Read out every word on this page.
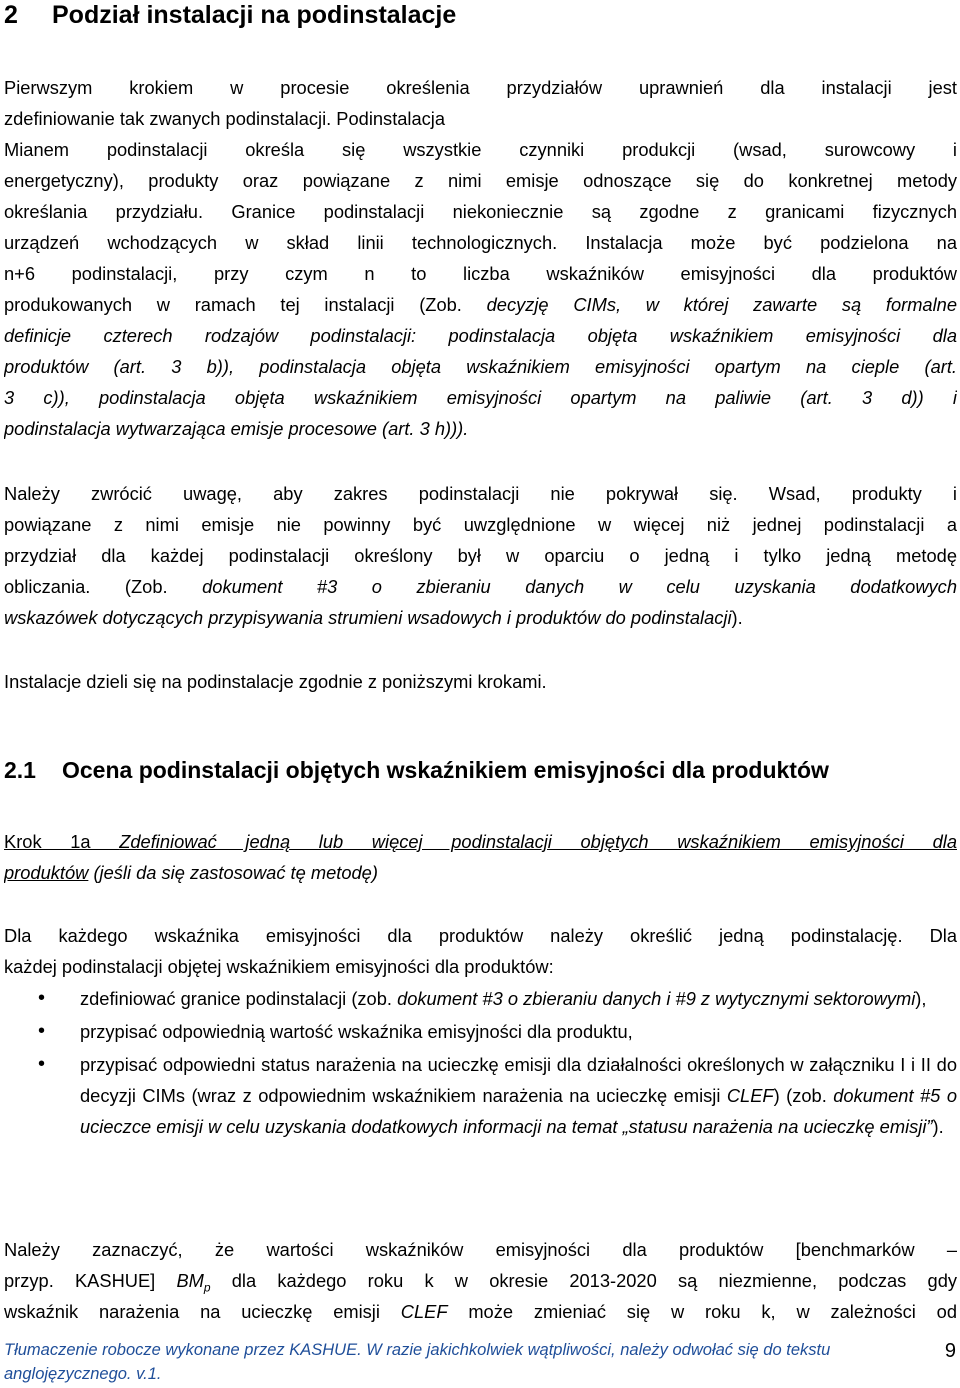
2 Podział instalacji na podinstalacje
Pierwszym krokiem w procesie określenia przydziałów uprawnień dla instalacji jest
zdefiniowanie tak zwanych podinstalacji. Podinstalacja
Mianem podinstalacji określa się wszystkie czynniki produkcji (wsad, surowcowy i
energetyczny), produkty oraz powiązane z nimi emisje odnoszące się do konkretnej metody
określania przydziału. Granice podinstalacji niekoniecznie są zgodne z granicami fizycznych
urządzeń wchodzących w skład linii technologicznych. Instalacja może być podzielona na
n+6 podinstalacji, przy czym n to liczba wskaźników emisyjności dla produktów
produkowanych w ramach tej instalacji (Zob. decyzję CIMs, w której zawarte są formalne
definicje czterech rodzajów podinstalacji: podinstalacja objęta wskaźnikiem emisyjności dla
produktów (art. 3 b)), podinstalacja objęta wskaźnikiem emisyjności opartym na cieple (art.
3 c)), podinstalacja objęta wskaźnikiem emisyjności opartym na paliwie (art. 3 d)) i
podinstalacja wytwarzająca emisje procesowe (art. 3 h))).
Należy zwrócić uwagę, aby zakres podinstalacji nie pokrywał się. Wsad, produkty i
powiązane z nimi emisje nie powinny być uwzględnione w więcej niż jednej podinstalacji a
przydział dla każdej podinstalacji określony był w oparciu o jedną i tylko jedną metodę
obliczania. (Zob. dokument #3 o zbieraniu danych w celu uzyskania dodatkowych
wskazówek dotyczących przypisywania strumieni wsadowych i produktów do podinstalacji).
Instalacje dzieli się na podinstalacje zgodnie z poniższymi krokami.
2.1 Ocena podinstalacji objętych wskaźnikiem emisyjności dla produktów
Krok 1a Zdefiniować jedną lub więcej podinstalacji objętych wskaźnikiem emisyjności dla
produktów (jeśli da się zastosować tę metodę)
Dla każdego wskaźnika emisyjności dla produktów należy określić jedną podinstalację. Dla
każdej podinstalacji objętej wskaźnikiem emisyjności dla produktów:
• zdefiniować granice podinstalacji (zob. dokument #3 o zbieraniu danych i #9 z wytycznymi sektorowymi),
• przypisać odpowiednią wartość wskaźnika emisyjności dla produktu,
• przypisać odpowiedni status narażenia na ucieczkę emisji dla działalności określonych w załączniku I i II do decyzji CIMs (wraz z odpowiednim wskaźnikiem narażenia na ucieczkę emisji CLEF) (zob. dokument #5 o ucieczce emisji w celu uzyskania dodatkowych informacji na temat „statusu narażenia na ucieczkę emisji”).
Należy zaznaczyć, że wartości wskaźników emisyjności dla produktów [benchmarków –
przyp. KASHUE] $BM_p$ dla każdego roku k w okresie 2013-2020 są niezmienne, podczas gdy
wskaźnik narażenia na ucieczkę emisji CLEF może zmieniać się w roku k, w zależności od
Tłumaczenie robocze wykonane przez KASHUE. W razie jakichkolwiek wątpliwości, należy odwołać się do tekstu anglojęzycznego. v.1.
9
